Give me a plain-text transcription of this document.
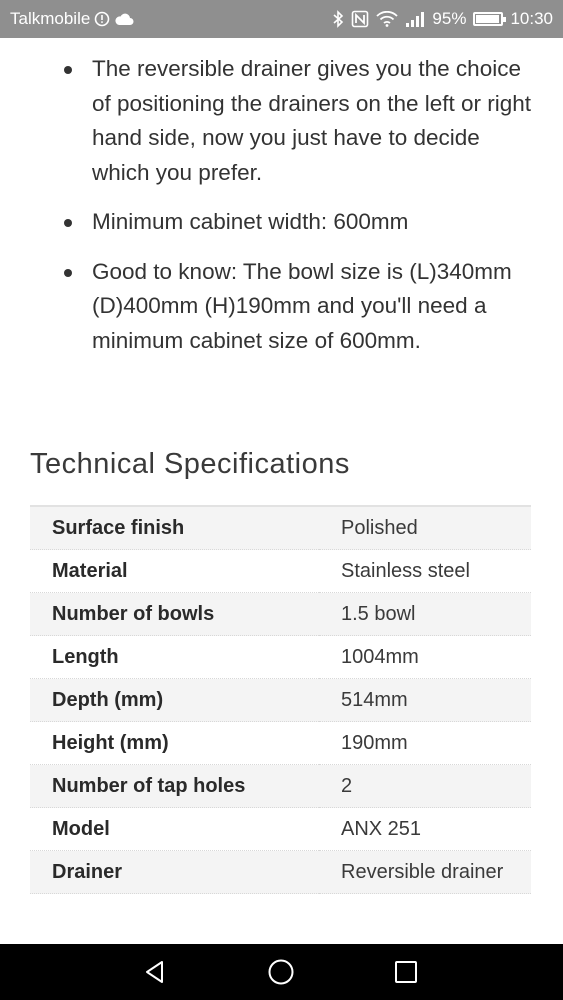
Talkmobile	95%	10:30
The reversible drainer gives you the choice of positioning the drainers on the left or right hand side, now you just have to decide which you prefer.
Minimum cabinet width: 600mm
Good to know: The bowl size is (L)340mm (D)400mm (H)190mm and you'll need a minimum cabinet size of 600mm.
Technical Specifications
Surface finish	Polished
Material	Stainless steel
Number of bowls	1.5 bowl
Length	1004mm
Depth (mm)	514mm
Height (mm)	190mm
Number of tap holes	2
Model	ANX 251
Drainer	Reversible drainer
